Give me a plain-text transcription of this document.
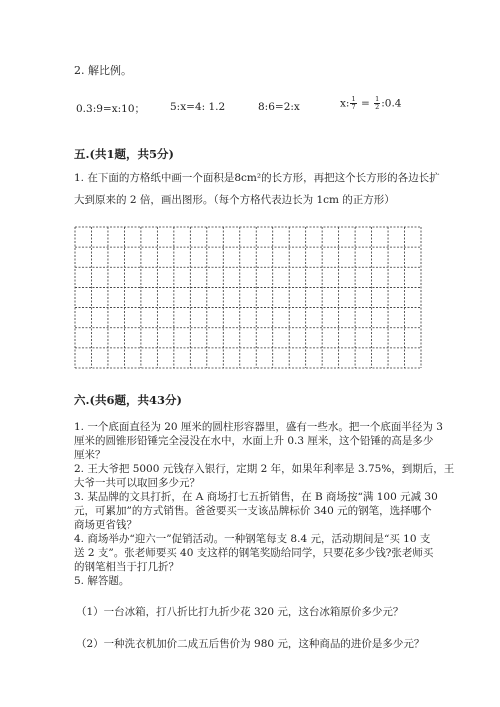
2. 解比例。
0.3:9=x:10； 5:x=4: 1.2	8:6=2:x	x: $\frac{1}{7} = \frac{1}{2}$ :0.4
五.(共1题，共5分)
1. 在下面的方格纸中画一个面积是8cm²的长方形，再把这个长方形的各边长扩
大到原来的 2 倍，画出图形。（每个方格代表边长为 1cm 的正方形）
六.(共6题，共43分)
1. 一个底面直径为 20 厘米的圆柱形容器里，盛有一些水。把一个底面半径为 3
厘米的圆锥形铅锤完全浸没在水中，水面上升 0.3 厘米，这个铅锤的高是多少
厘米？
2. 王大爷把 5000 元钱存入银行，定期 2 年，如果年利率是 3.75%，到期后，王
大爷一共可以取回多少元？
3. 某品牌的文具打折，在 A 商场打七五折销售，在 B 商场按“满 100 元减 30
元，可累加”的方式销售。爸爸要买一支该品牌标价 340 元的钢笔，选择哪个
商场更省钱？
4. 商场举办“迎六一”促销活动。一种钢笔每支 8.4 元，活动期间是“买 10 支
送 2 支”。张老师要买 40 支这样的钢笔奖励给同学，只要花多少钱?张老师买
的钢笔相当于打几折？
5. 解答题。
（1）一台冰箱，打八折比打九折少花 320 元，这台冰箱原价多少元？
（2）一种洗衣机加价二成五后售价为 980 元，这种商品的进价是多少元？
